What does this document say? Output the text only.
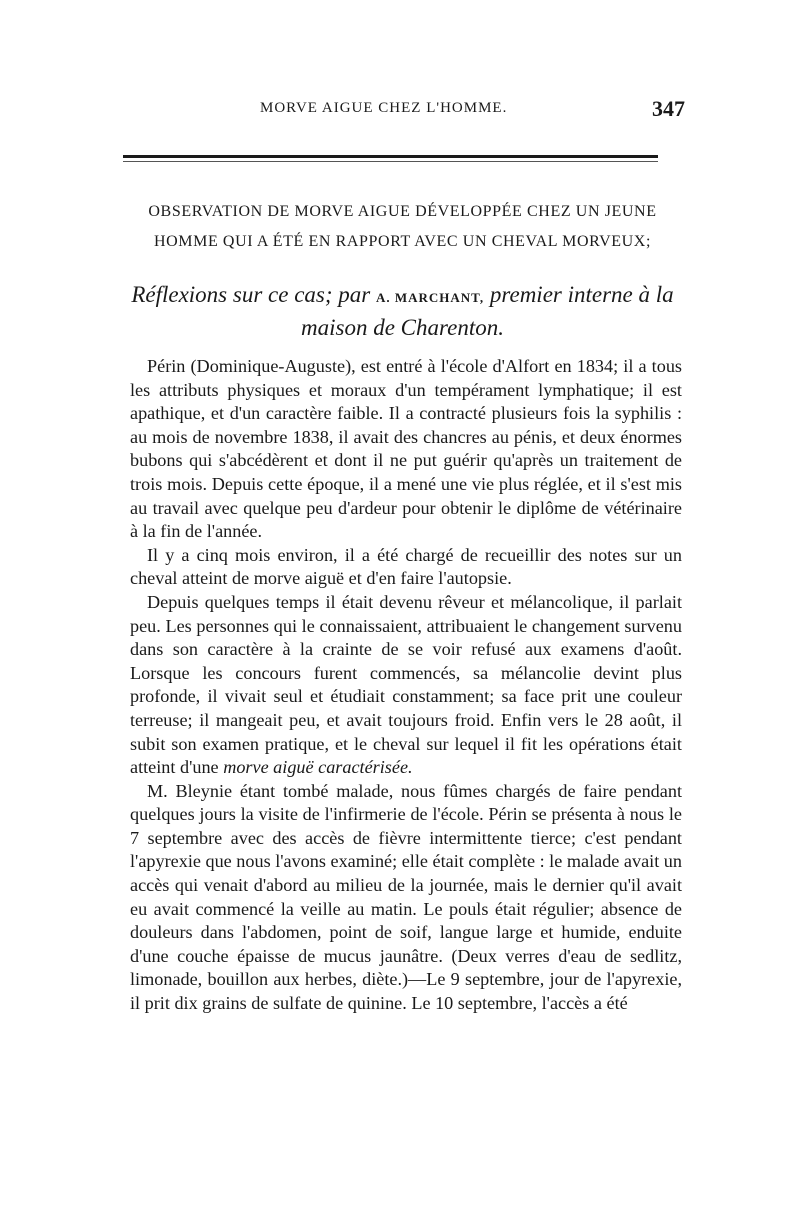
MORVE AIGUE CHEZ L'HOMME.	347
OBSERVATION DE MORVE AIGUE DÉVELOPPÉE CHEZ UN JEUNE HOMME QUI A ÉTÉ EN RAPPORT AVEC UN CHEVAL MORVEUX;
Réflexions sur ce cas; par A. MARCHANT, premier interne à la maison de Charenton.

Périn (Dominique-Auguste), est entré à l'école d'Alfort en 1834; il a tous les attributs physiques et moraux d'un tempérament lymphatique; il est apathique, et d'un caractère faible. Il a contracté plusieurs fois la syphilis : au mois de novembre 1838, il avait des chancres au pénis, et deux énormes bubons qui s'abcédèrent et dont il ne put guérir qu'après un traitement de trois mois. Depuis cette époque, il a mené une vie plus réglée, et il s'est mis au travail avec quelque peu d'ardeur pour obtenir le diplôme de vétérinaire à la fin de l'année.

Il y a cinq mois environ, il a été chargé de recueillir des notes sur un cheval atteint de morve aiguë et d'en faire l'autopsie.

Depuis quelques temps il était devenu rêveur et mélancolique, il parlait peu. Les personnes qui le connaissaient, attribuaient le changement survenu dans son caractère à la crainte de se voir refusé aux examens d'août. Lorsque les concours furent commencés, sa mélancolie devint plus profonde, il vivait seul et étudiait constamment; sa face prit une couleur terreuse; il mangeait peu, et avait toujours froid. Enfin vers le 28 août, il subit son examen pratique, et le cheval sur lequel il fit les opérations était atteint d'une morve aiguë caractérisée.

M. Bleynie étant tombé malade, nous fûmes chargés de faire pendant quelques jours la visite de l'infirmerie de l'école. Périn se présenta à nous le 7 septembre avec des accès de fièvre intermittente tierce; c'est pendant l'apyrexie que nous l'avons examiné; elle était complète : le malade avait un accès qui venait d'abord au milieu de la journée, mais le dernier qu'il avait eu avait commencé la veille au matin. Le pouls était régulier; absence de douleurs dans l'abdomen, point de soif, langue large et humide, enduite d'une couche épaisse de mucus jaunâtre. (Deux verres d'eau de sedlitz, limonade, bouillon aux herbes, diète.)—Le 9 septembre, jour de l'apyrexie, il prit dix grains de sulfate de quinine. Le 10 septembre, l'accès a été
